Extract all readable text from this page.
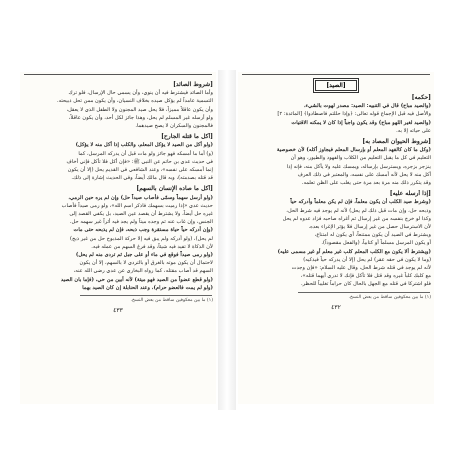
[شروط الصائد]
وأما الصائد فيشترط فيه أن ينوي، وأن يسمي حال الإرسال، فلو ترك
التسمية عامداً لم يؤكل صيده بخلاف النسيان، وأن يكون ممن تحل ذبيحته.
وأن يكون عاقلاً مميزاً، فلا يحل صيد المجنون ولا الطفل الذي لا يعقل،
ولو أرسله غير المسلم لم يحل، وهذا جائز لكل أحد، وأن يكون عاقلاً،
فالمجنون والسكران لا يصح صيدهما.
[أكل ما قتله الجارح]
(ولو أكل من الصيد لا يؤكل المعلم، والكلب إذا أكل منه لا يؤكل)
(و) أما ما أمسكه فهو جائز ولو مات قبل أن يدركه المرسل، كما
في حديث عدي بن حاتم عن النبي ﷺ: «فإن أكل فلا تأكل فإني أخاف
إنما أمسكه على نفسه»، وعند الشافعي في القديم يحل (إلا أن يكون
قد قتله بصدمته)، وبه قال مالك أيضاً، وفي الحديث إشارة إلى ذلك.
[أكل ما صاده الإنسان بالسهم]
(ولو أرسل سهماً وسمّى فأصاب صيداً حل) وإن لم يره حين الرمي،
حديث عدي «إذا رميت بسهمك فاذكر اسم الله»، ولو رمى صيداً فأصاب
غيره حل أيضاً، ولا يشترط أن يقصد عين الصيد، بل يكفي القصد إلى
الجنس، وإن غاب عنه ثم وجده ميتاً ولم يجد فيه أثراً غير سهمه حل.
(وإن أدركه حياً حياة مستقرة وجب ذبحه، فإن لم يذبحه حتى مات
لم يحل)، (ولو أدركه ولم يبق فيه إلا حركة المذبوح حل من غير ذبح)
لأن الذكاة لا تفيد فيه شيئاً، وقد فرغ السهم من عمله فيه.
(ولو رمى صيداً فوقع في ماء أو على جبل ثم تردى منه لم يحل)
لاحتمال أن يكون موته بالغرق أو بالتردي لا بالسهم، إلا أن يكون
السهم قد أصاب مقتله، كما رواه البخاري عن عدي رضي الله عنه،
(ولو قطع عضواً من الصيد فهو ميتة) لأنه أبين من حي، (فإما بان الصيد
(ولو لم يمت فالعضو حرام)، وعند الحنابلة إن كان الصيد بهما
(١) ما بين معكوفين ساقط من بعض النسخ.
٤٣٣
[الصيد]
[حكمه]
(والصيد مباح) قال في التنبيه: الصيد: مصدر لهوت بالشيء،
والأصل فيه قبل الإجماع قوله تعالى: ﴿وإذا حللتم فاصطادوا﴾ [المائدة: ٢]
(والصيد لغير اللهو مباح) وقد يكون واجباً إذا كان لا يمكنه الاقتيات
على حياته إلا به.
[شروط الحيوان المصاد به]
(وكل ما كان كالفهد المعلم أو بإرسال المعلم فيجاوز أكله) لأن خصوصية
التعليم في كل ما يقبل التعليم من الكلاب والفهود والطيور، وهو أن
ينزجر بزجره، ويسترسل بإرساله، ويمسك عليه ولا يأكل منه، فإنه إذا
أكل منه لا يحل لأنه أمسك على نفسه، والمعتبر في ذلك العرف
وقد يتكرر ذلك منه مرة بعد مرة حتى يغلب على الظن تعلمه.
[إذا أرسله عليه]
(وشرط صيد الكلب أن يكون معلماً، فإن لم يكن معلماً وأدركه حياً
وذبحه حل، وإن مات قبل ذلك لم يحل) لأنه لم يوجد فيه شرط الحل،
وكذا لو خرج بنفسه من غير إرسال ثم أغراه صاحبه فزاد عدوه لم يحل
لأن الاسترسال حصل من غير إرسال فلا يؤثر الإغراء بعده.
ويشترط في الصيد أن يكون ممتنعاً، أي يكون له امتناع،
أو يكون المرسل مسلماً أو كتابياً، (والفعل مقصوداً).
(ويشترط ألا يكون مع الكلب المعلم كلب غير معلم أو غير مسمى عليه)
(وما لا يكون في حقه عقر) لم يحل (إلا أن يدركه حياً فيذكيه)
لأنه لم يوجد في قتله شرط الحل، وقال عليه السلام: «فإن وجدت
مع كلبك كلباً غيره وقد قتل فلا تأكل فإنك لا تدري أيهما قتله»،
فلو اشتركا في قتله مع الجهل بالحال كان حراماً تغليباً للحظر.
(١) ما بين معكوفين ساقط من بعض النسخ.
٤٣٢
